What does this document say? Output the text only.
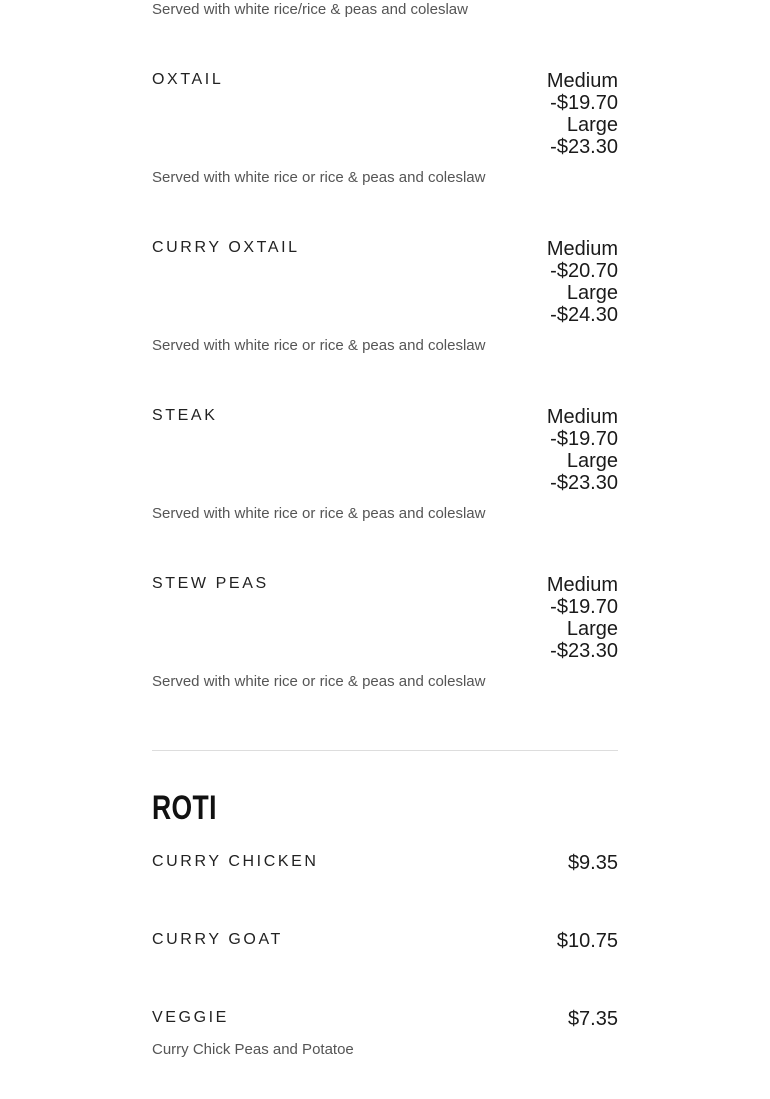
Served with white rice/rice & peas and coleslaw
OXTAIL	Medium
-$19.70
Large
-$23.30
Served with white rice or rice & peas and coleslaw
CURRY OXTAIL	Medium
-$20.70
Large
-$24.30
Served with white rice or rice & peas and coleslaw
STEAK	Medium
-$19.70
Large
-$23.30
Served with white rice or rice & peas and coleslaw
STEW PEAS	Medium
-$19.70
Large
-$23.30
Served with white rice or rice & peas and coleslaw
ROTI
CURRY CHICKEN	$9.35
CURRY GOAT	$10.75
VEGGIE	$7.35
Curry Chick Peas and Potatoe
